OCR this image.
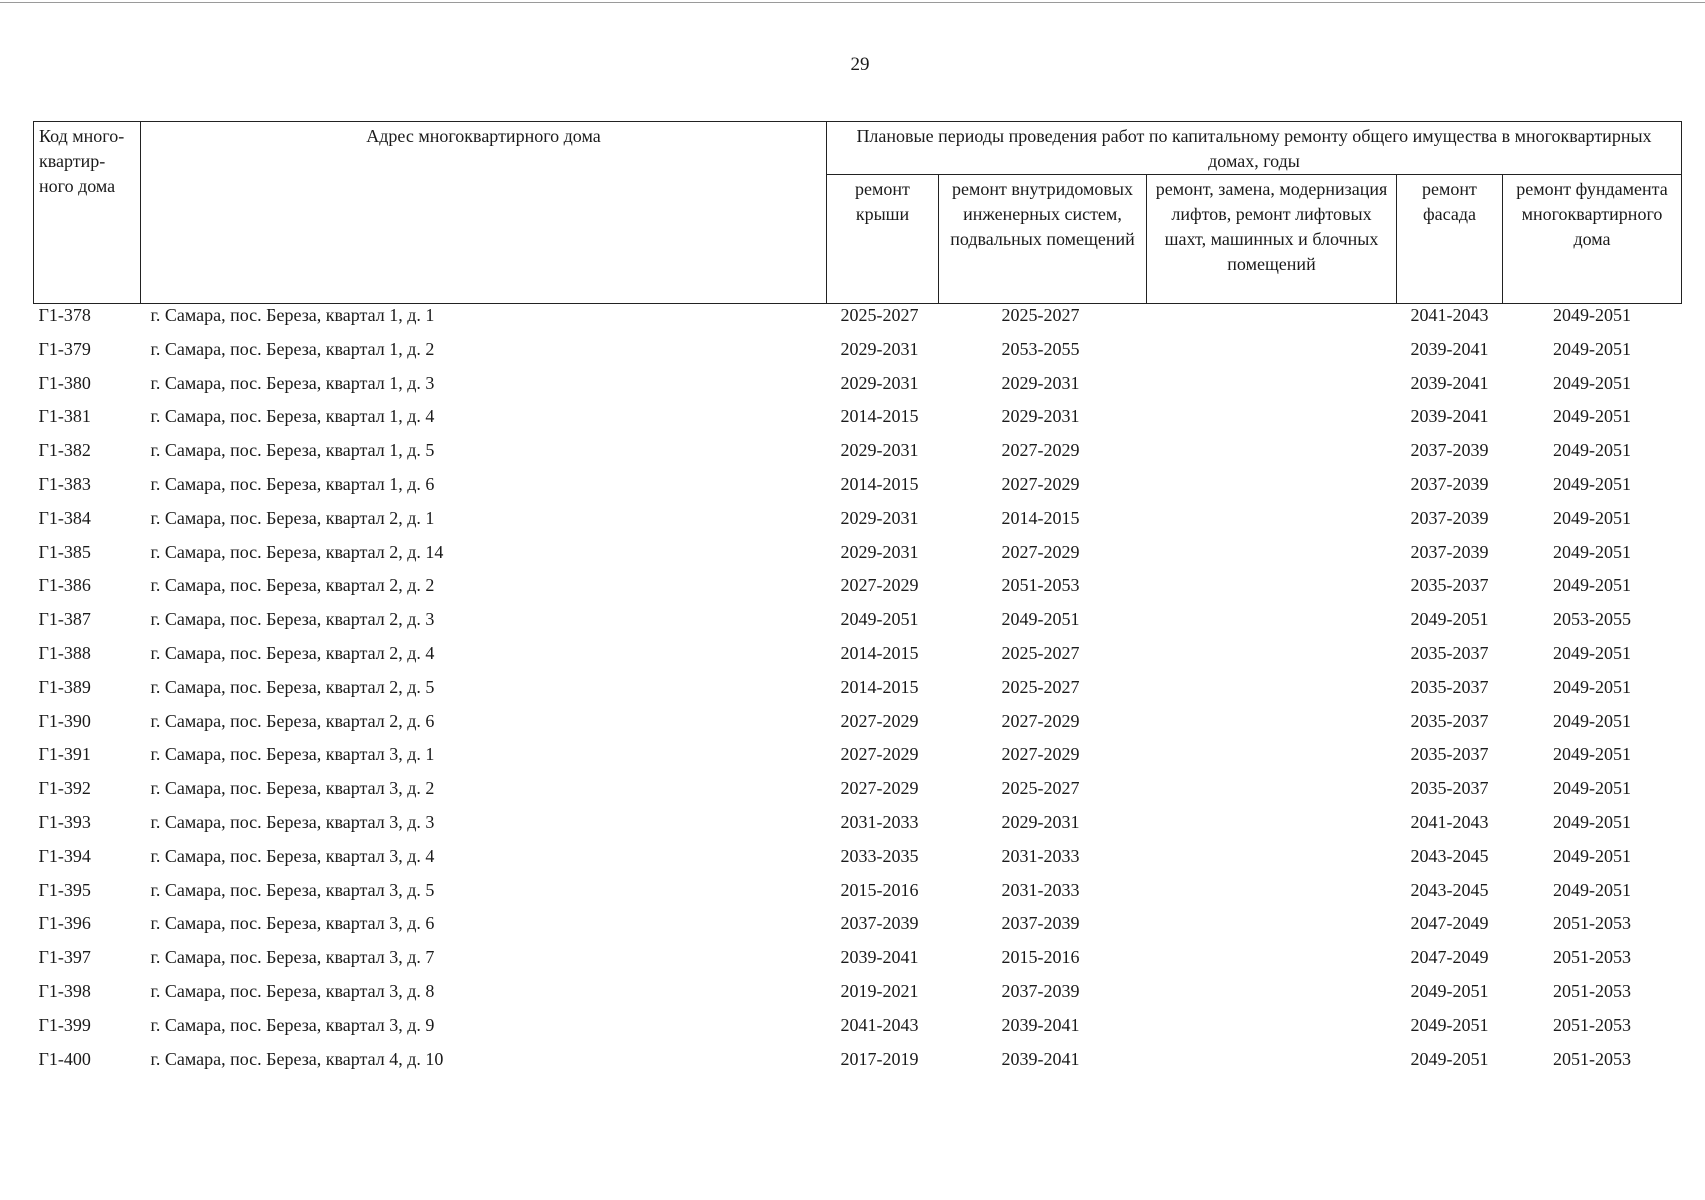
29
Код много-квартир-ного дома	Адрес многоквартирного дома	Плановые периоды проведения работ по капитальному ремонту общего имущества в многоквартирных домах, годы				
		ремонт крыши	ремонт внутридомовых инженерных систем, подвальных помещений	ремонт, замена, модернизация лифтов, ремонт лифтовых шахт, машинных и блочных помещений	ремонт фасада	ремонт фундамента многоквартирного дома
Г1-378	г. Самара, пос. Береза, квартал 1, д. 1	2025-2027	2025-2027		2041-2043	2049-2051
Г1-379	г. Самара, пос. Береза, квартал 1, д. 2	2029-2031	2053-2055		2039-2041	2049-2051
Г1-380	г. Самара, пос. Береза, квартал 1, д. 3	2029-2031	2029-2031		2039-2041	2049-2051
Г1-381	г. Самара, пос. Береза, квартал 1, д. 4	2014-2015	2029-2031		2039-2041	2049-2051
Г1-382	г. Самара, пос. Береза, квартал 1, д. 5	2029-2031	2027-2029		2037-2039	2049-2051
Г1-383	г. Самара, пос. Береза, квартал 1, д. 6	2014-2015	2027-2029		2037-2039	2049-2051
Г1-384	г. Самара, пос. Береза, квартал 2, д. 1	2029-2031	2014-2015		2037-2039	2049-2051
Г1-385	г. Самара, пос. Береза, квартал 2, д. 14	2029-2031	2027-2029		2037-2039	2049-2051
Г1-386	г. Самара, пос. Береза, квартал 2, д. 2	2027-2029	2051-2053		2035-2037	2049-2051
Г1-387	г. Самара, пос. Береза, квартал 2, д. 3	2049-2051	2049-2051		2049-2051	2053-2055
Г1-388	г. Самара, пос. Береза, квартал 2, д. 4	2014-2015	2025-2027		2035-2037	2049-2051
Г1-389	г. Самара, пос. Береза, квартал 2, д. 5	2014-2015	2025-2027		2035-2037	2049-2051
Г1-390	г. Самара, пос. Береза, квартал 2, д. 6	2027-2029	2027-2029		2035-2037	2049-2051
Г1-391	г. Самара, пос. Береза, квартал 3, д. 1	2027-2029	2027-2029		2035-2037	2049-2051
Г1-392	г. Самара, пос. Береза, квартал 3, д. 2	2027-2029	2025-2027		2035-2037	2049-2051
Г1-393	г. Самара, пос. Береза, квартал 3, д. 3	2031-2033	2029-2031		2041-2043	2049-2051
Г1-394	г. Самара, пос. Береза, квартал 3, д. 4	2033-2035	2031-2033		2043-2045	2049-2051
Г1-395	г. Самара, пос. Береза, квартал 3, д. 5	2015-2016	2031-2033		2043-2045	2049-2051
Г1-396	г. Самара, пос. Береза, квартал 3, д. 6	2037-2039	2037-2039		2047-2049	2051-2053
Г1-397	г. Самара, пос. Береза, квартал 3, д. 7	2039-2041	2015-2016		2047-2049	2051-2053
Г1-398	г. Самара, пос. Береза, квартал 3, д. 8	2019-2021	2037-2039		2049-2051	2051-2053
Г1-399	г. Самара, пос. Береза, квартал 3, д. 9	2041-2043	2039-2041		2049-2051	2051-2053
Г1-400	г. Самара, пос. Береза, квартал 4, д. 10	2017-2019	2039-2041		2049-2051	2051-2053
